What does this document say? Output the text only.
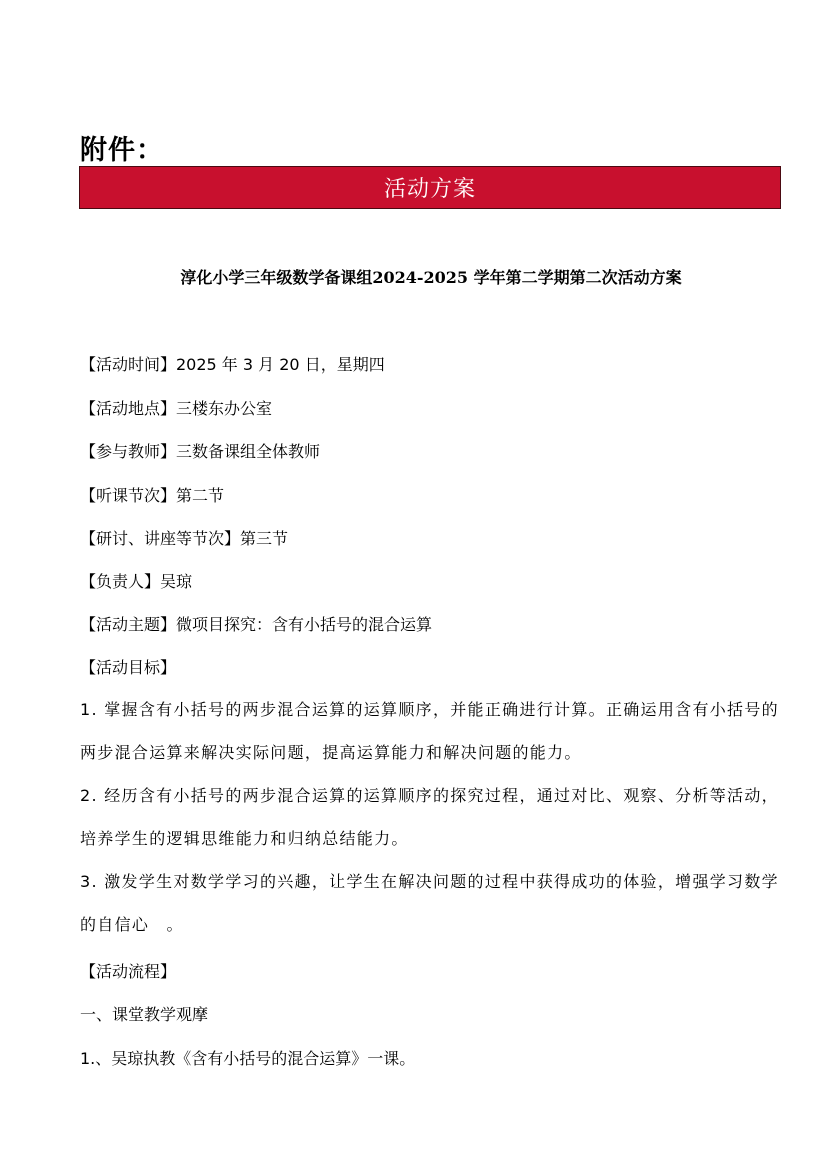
附件：
活动方案
淳化小学三年级数学备课组2024-2025 学年第二学期第二次活动方案
【活动时间】2025 年 3 月 20 日，星期四
【活动地点】三楼东办公室
【参与教师】三数备课组全体教师
【听课节次】第二节
【研讨、讲座等节次】第三节
【负责人】吴琼
【活动主题】微项目探究：含有小括号的混合运算
【活动目标】
1. 掌握含有小括号的两步混合运算的运算顺序，并能正确进行计算。正确运用含有小括号的两步混合运算来解决实际问题，提高运算能力和解决问题的能力。
2. 经历含有小括号的两步混合运算的运算顺序的探究过程，通过对比、观察、分析等活动，培养学生的逻辑思维能力和归纳总结能力。
3. 激发学生对数学学习的兴趣，让学生在解决问题的过程中获得成功的体验，增强学习数学的自信心　。
【活动流程】
一、课堂教学观摩
1.、吴琼执教《含有小括号的混合运算》一课。
